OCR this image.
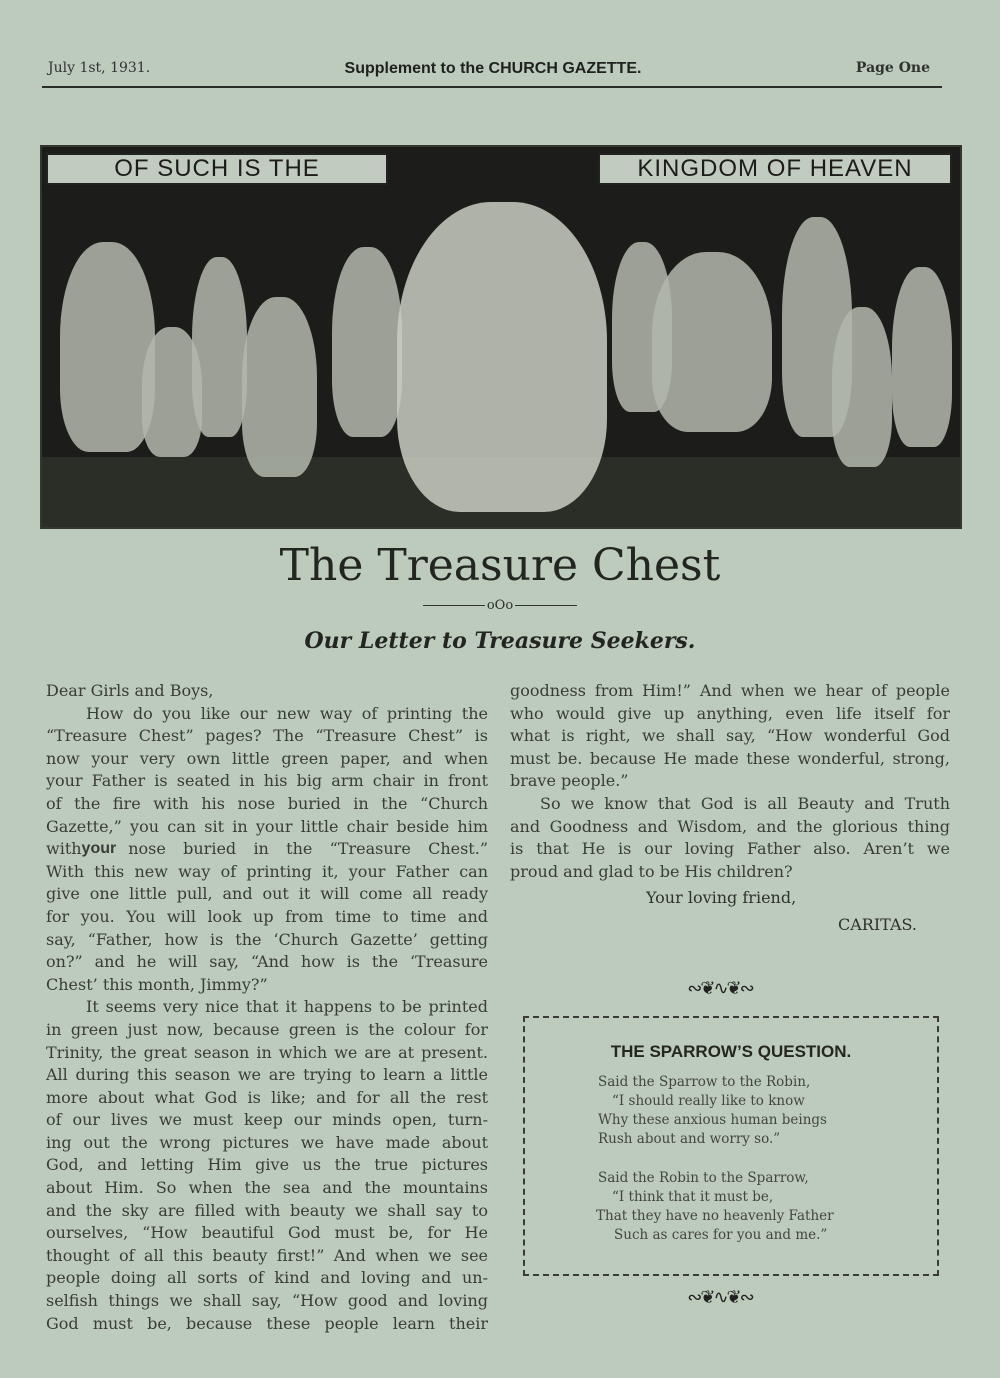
July 1st, 1931.	Supplement to the CHURCH GAZETTE.	Page One
OF SUCH IS THE	KINGDOM OF HEAVEN
The Treasure Chest
oOo
Our Letter to Treasure Seekers.
Dear Girls and Boys,
How do you like our new way of printing the
“Treasure Chest” pages? The “Treasure Chest” is
now your very own little green paper, and when
your Father is seated in his big arm chair in front
of the fire with his nose buried in the “Church
Gazette,” you can sit in your little chair beside him
with your nose buried in the “Treasure Chest.”
With this new way of printing it, your Father can
give one little pull, and out it will come all ready
for you. You will look up from time to time and
say, “Father, how is the ‘Church Gazette’ getting
on?” and he will say, “And how is the ‘Treasure
Chest’ this month, Jimmy?”
It seems very nice that it happens to be printed
in green just now, because green is the colour for
Trinity, the great season in which we are at present.
All during this season we are trying to learn a little
more about what God is like; and for all the rest
of our lives we must keep our minds open, turn-
ing out the wrong pictures we have made about
God, and letting Him give us the true pictures
about Him. So when the sea and the mountains
and the sky are filled with beauty we shall say to
ourselves, “How beautiful God must be, for He
thought of all this beauty first!” And when we see
people doing all sorts of kind and loving and un-
selfish things we shall say, “How good and loving
God must be, because these people learn their
goodness from Him!” And when we hear of people
who would give up anything, even life itself for
what is right, we shall say, “How wonderful God
must be. because He made these wonderful, strong,
brave people.”
So we know that God is all Beauty and Truth
and Goodness and Wisdom, and the glorious thing
is that He is our loving Father also. Aren’t we
proud and glad to be His children?
Your loving friend,
CARITAS.
∾❦∿❦∾
THE SPARROW’S QUESTION.
Said the Sparrow to the Robin,
“I should really like to know
Why these anxious human beings
Rush about and worry so.”
Said the Robin to the Sparrow,
“I think that it must be,
That they have no heavenly Father
Such as cares for you and me.”
∾❦∿❦∾
